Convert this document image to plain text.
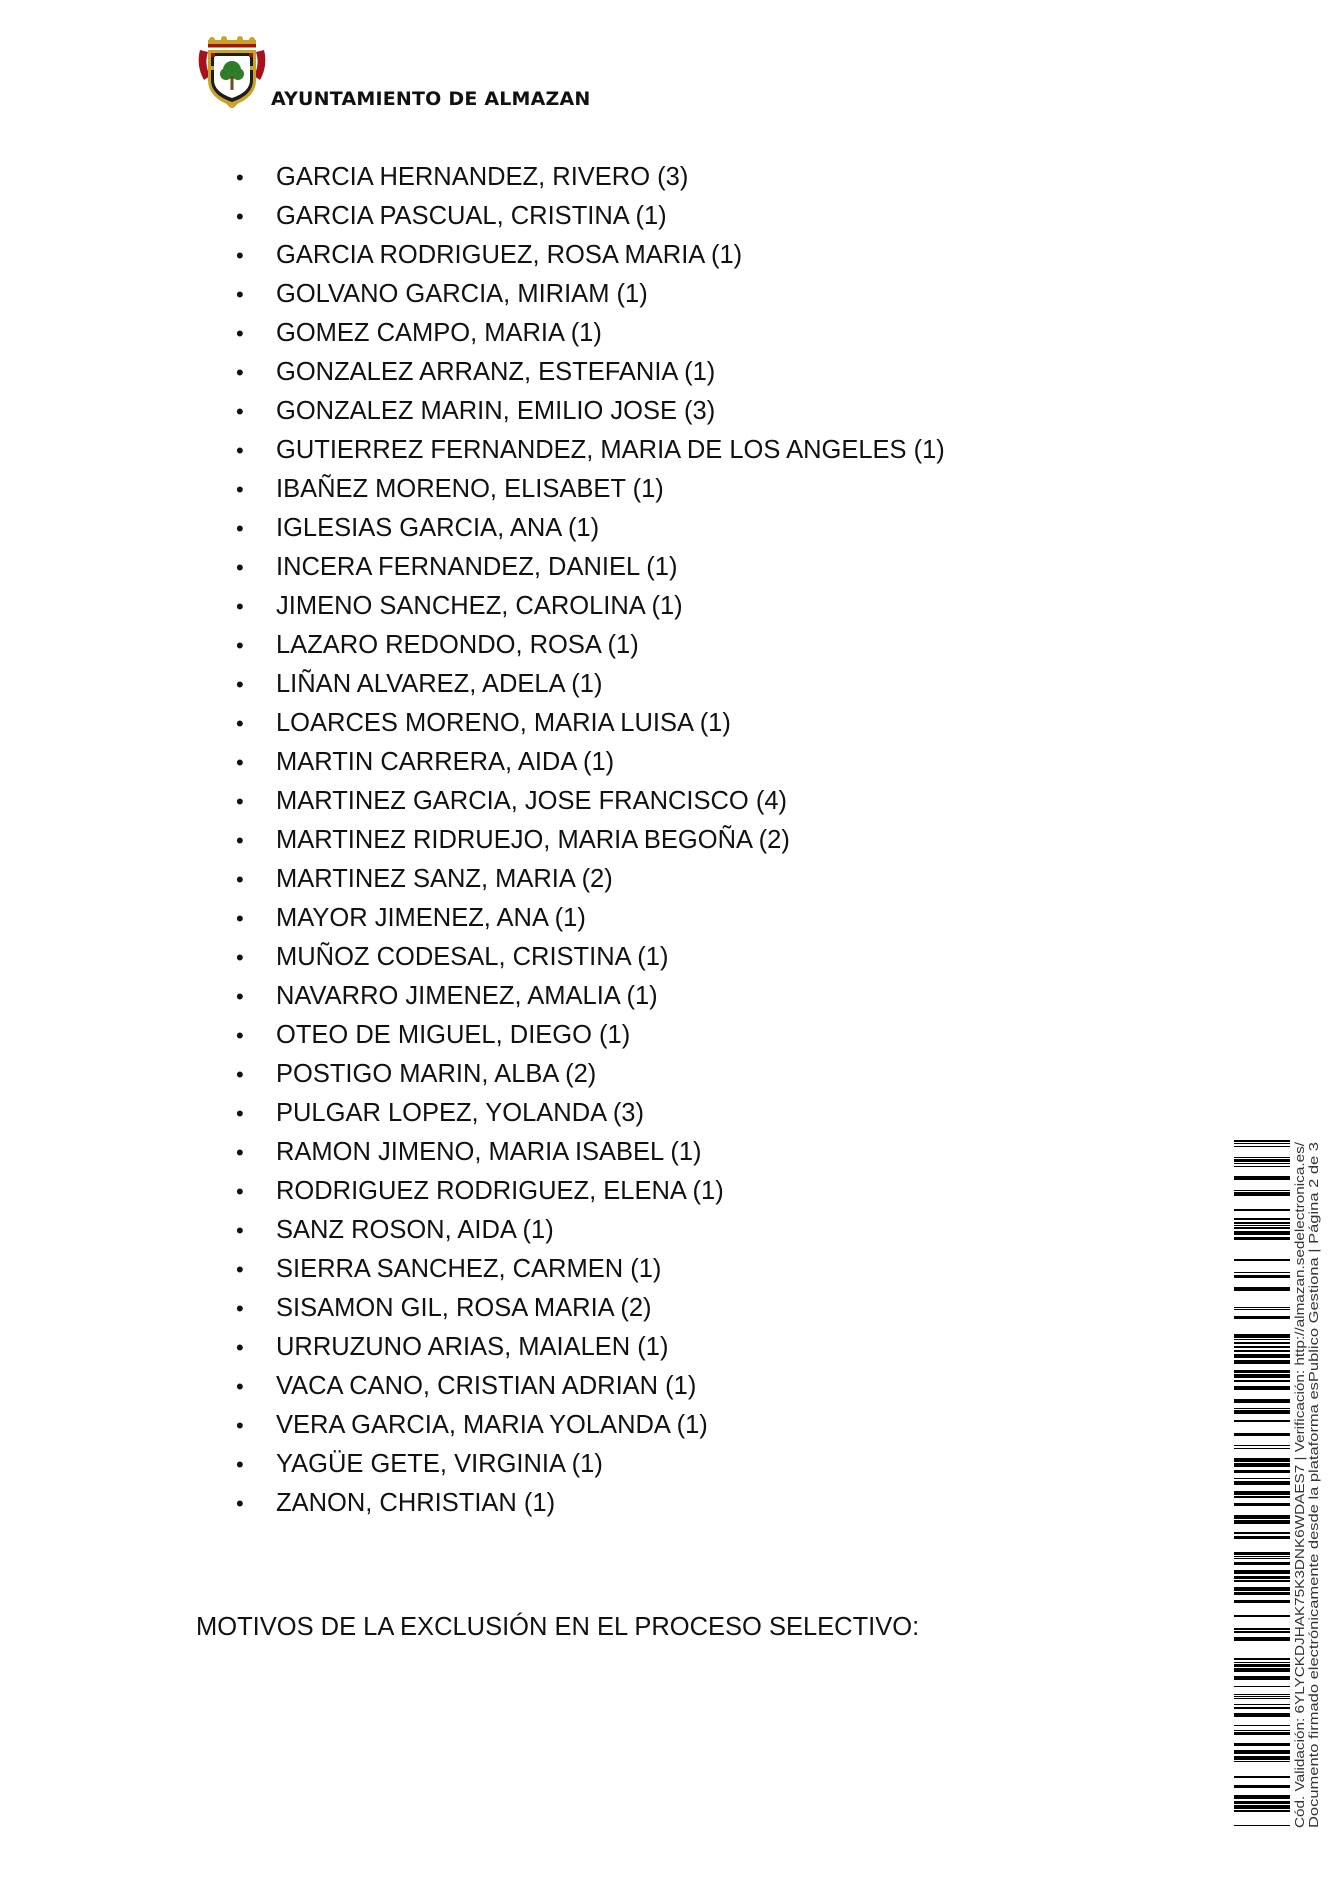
AYUNTAMIENTO DE ALMAZAN
• GARCIA HERNANDEZ, RIVERO (3)
• GARCIA PASCUAL, CRISTINA (1)
• GARCIA RODRIGUEZ, ROSA MARIA (1)
• GOLVANO GARCIA, MIRIAM (1)
• GOMEZ CAMPO, MARIA (1)
• GONZALEZ ARRANZ, ESTEFANIA (1)
• GONZALEZ MARIN, EMILIO JOSE (3)
• GUTIERREZ FERNANDEZ, MARIA DE LOS ANGELES (1)
• IBAÑEZ MORENO, ELISABET (1)
• IGLESIAS GARCIA, ANA (1)
• INCERA FERNANDEZ, DANIEL (1)
• JIMENO SANCHEZ, CAROLINA (1)
• LAZARO REDONDO, ROSA (1)
• LIÑAN ALVAREZ, ADELA (1)
• LOARCES MORENO, MARIA LUISA (1)
• MARTIN CARRERA, AIDA (1)
• MARTINEZ GARCIA, JOSE FRANCISCO (4)
• MARTINEZ RIDRUEJO, MARIA BEGOÑA (2)
• MARTINEZ SANZ, MARIA (2)
• MAYOR JIMENEZ, ANA (1)
• MUÑOZ CODESAL, CRISTINA (1)
• NAVARRO JIMENEZ, AMALIA (1)
• OTEO DE MIGUEL, DIEGO (1)
• POSTIGO MARIN, ALBA (2)
• PULGAR LOPEZ, YOLANDA (3)
• RAMON JIMENO, MARIA ISABEL (1)
• RODRIGUEZ RODRIGUEZ, ELENA (1)
• SANZ ROSON, AIDA (1)
• SIERRA SANCHEZ, CARMEN (1)
• SISAMON GIL, ROSA MARIA (2)
• URRUZUNO ARIAS, MAIALEN (1)
• VACA CANO, CRISTIAN ADRIAN (1)
• VERA GARCIA, MARIA YOLANDA (1)
• YAGÜE GETE, VIRGINIA (1)
• ZANON, CHRISTIAN (1)
MOTIVOS DE LA EXCLUSIÓN EN EL PROCESO SELECTIVO:	Cód. Validación: 6YLYCKDJHAK75K3DNK6WDAES7 | Verificación: http://almazan.sedelectronica.es/ Documento firmado electrónicamente desde la plataforma esPublico Gestiona | Página 2 de 3
